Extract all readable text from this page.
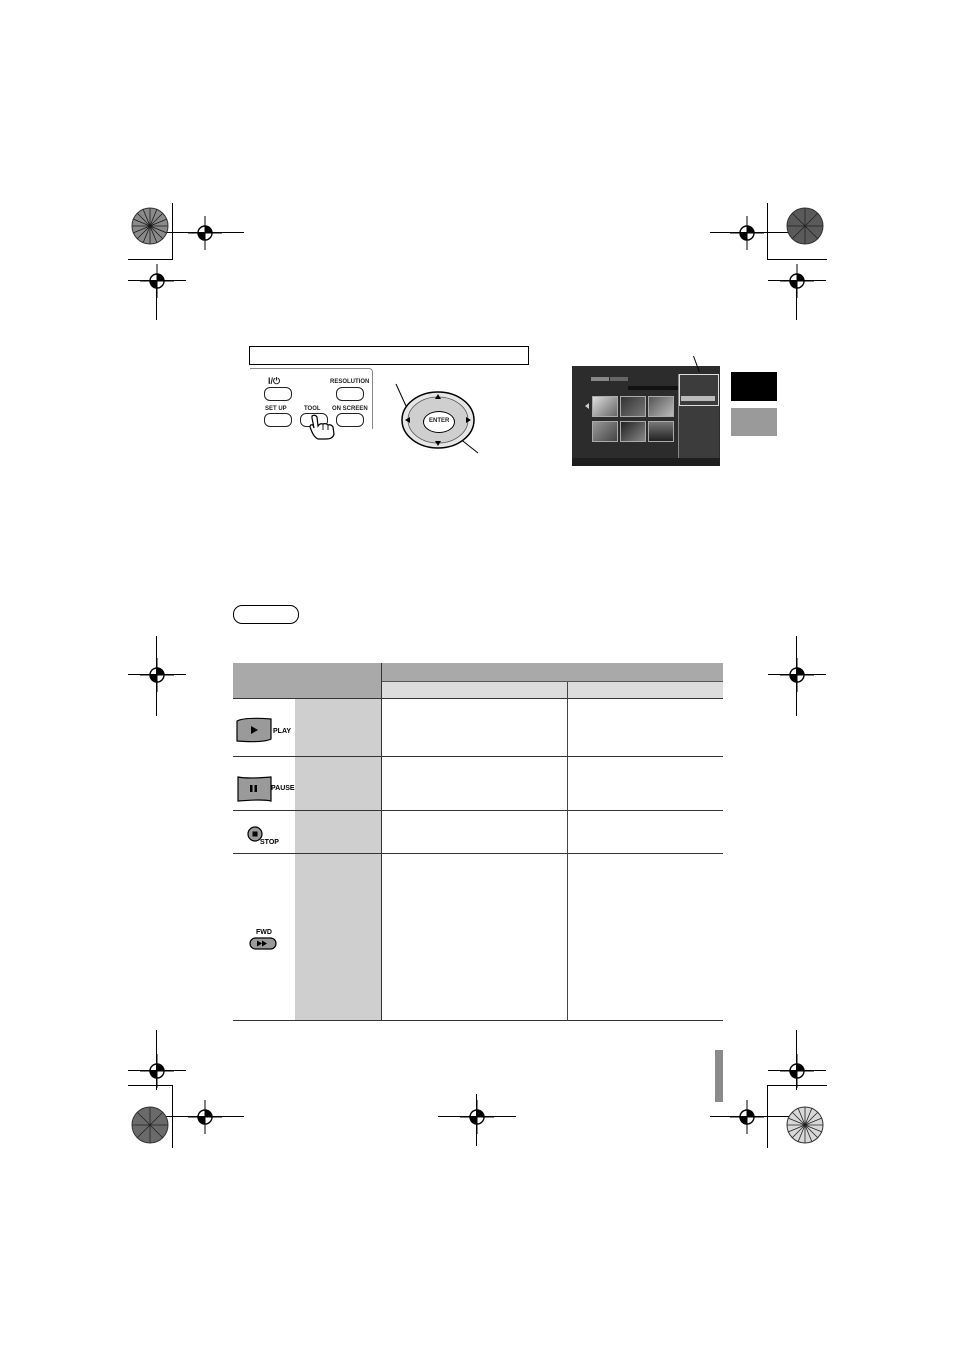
I/⏻	RESOLUTION
SET UP	TOOL ON SCREEN
ENTER
PLAY
PAUSE
STOP
FWD
